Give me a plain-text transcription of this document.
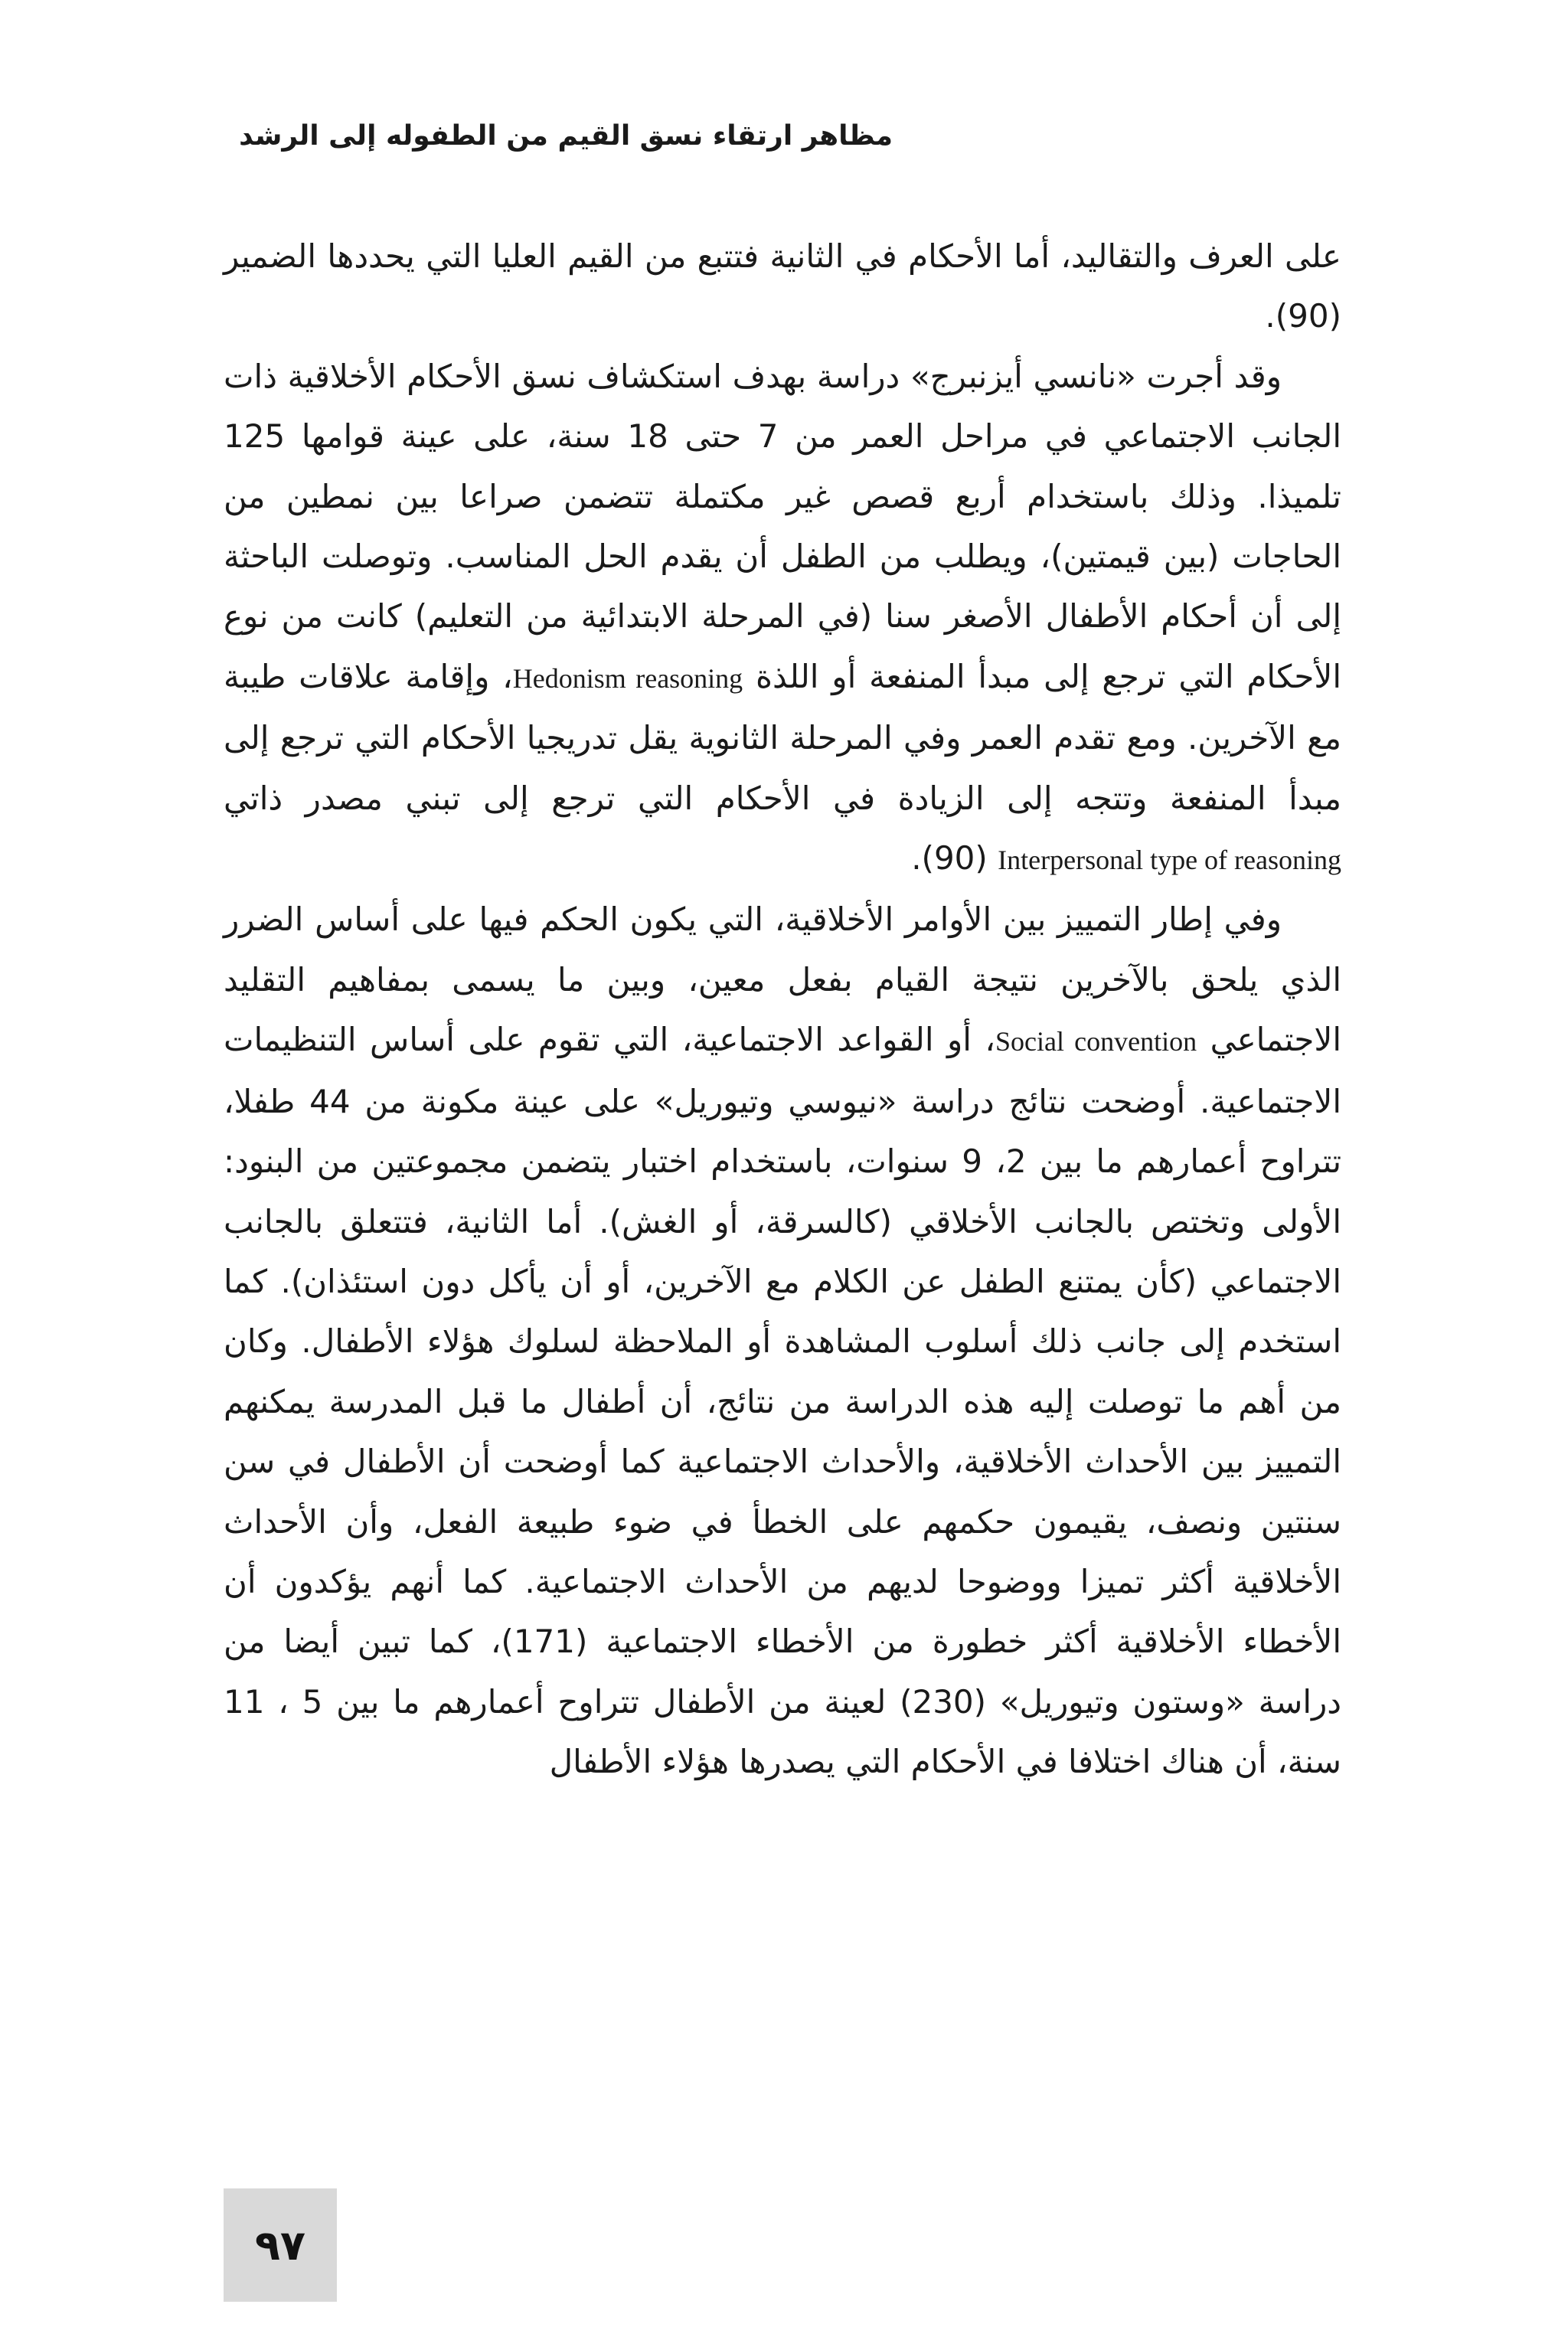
مظاهر ارتقاء نسق القيم من الطفوله إلى الرشد

على العرف والتقاليد، أما الأحكام في الثانية فتتبع من القيم العليا التي يحددها الضمير (90).

وقد أجرت «نانسي أيزنبرج» دراسة بهدف استكشاف نسق الأحكام الأخلاقية ذات الجانب الاجتماعي في مراحل العمر من 7 حتى 18 سنة، على عينة قوامها 125 تلميذا. وذلك باستخدام أربع قصص غير مكتملة تتضمن صراعا بين نمطين من الحاجات (بين قيمتين)، ويطلب من الطفل أن يقدم الحل المناسب. وتوصلت الباحثة إلى أن أحكام الأطفال الأصغر سنا (في المرحلة الابتدائية من التعليم) كانت من نوع الأحكام التي ترجع إلى مبدأ المنفعة أو اللذة Hedonism reasoning، وإقامة علاقات طيبة مع الآخرين. ومع تقدم العمر وفي المرحلة الثانوية يقل تدريجيا الأحكام التي ترجع إلى مبدأ المنفعة وتتجه إلى الزيادة في الأحكام التي ترجع إلى تبني مصدر ذاتي Interpersonal type of reasoning (90).

وفي إطار التمييز بين الأوامر الأخلاقية، التي يكون الحكم فيها على أساس الضرر الذي يلحق بالآخرين نتيجة القيام بفعل معين، وبين ما يسمى بمفاهيم التقليد الاجتماعي Social convention، أو القواعد الاجتماعية، التي تقوم على أساس التنظيمات الاجتماعية. أوضحت نتائج دراسة «نيوسي وتيوريل» على عينة مكونة من 44 طفلا، تتراوح أعمارهم ما بين 2، 9 سنوات، باستخدام اختبار يتضمن مجموعتين من البنود: الأولى وتختص بالجانب الأخلاقي (كالسرقة، أو الغش). أما الثانية، فتتعلق بالجانب الاجتماعي (كأن يمتنع الطفل عن الكلام مع الآخرين، أو أن يأكل دون استئذان). كما استخدم إلى جانب ذلك أسلوب المشاهدة أو الملاحظة لسلوك هؤلاء الأطفال. وكان من أهم ما توصلت إليه هذه الدراسة من نتائج، أن أطفال ما قبل المدرسة يمكنهم التمييز بين الأحداث الأخلاقية، والأحداث الاجتماعية كما أوضحت أن الأطفال في سن سنتين ونصف، يقيمون حكمهم على الخطأ في ضوء طبيعة الفعل، وأن الأحداث الأخلاقية أكثر تميزا ووضوحا لديهم من الأحداث الاجتماعية. كما أنهم يؤكدون أن الأخطاء الأخلاقية أكثر خطورة من الأخطاء الاجتماعية (171)، كما تبين أيضا من دراسة «وستون وتيوريل» (230) لعينة من الأطفال تتراوح أعمارهم ما بين 5 ، 11 سنة، أن هناك اختلافا في الأحكام التي يصدرها هؤلاء الأطفال

٩٧
